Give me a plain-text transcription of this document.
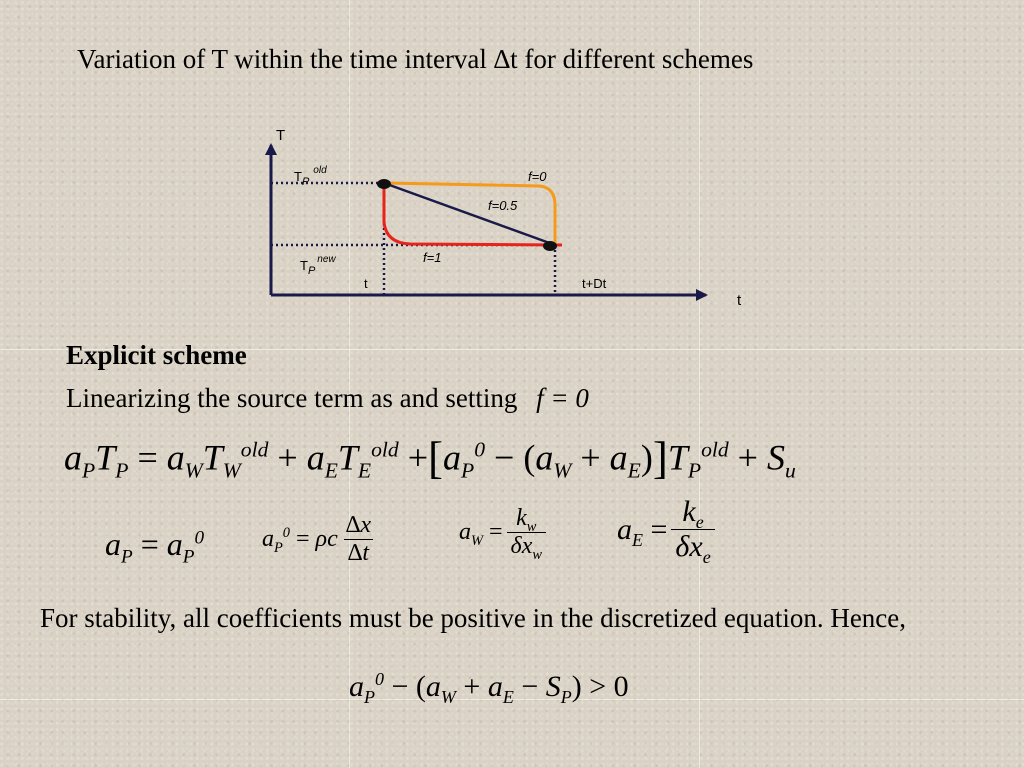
Variation of T within the time interval ∆t for different schemes
T
t
$T_P^{old}$
$T_P^{new}$
t	t+Dt
f=0
f=0.5
f=1
Explicit scheme
Linearizing the source term as and setting f = 0
$a_PT_P = a_WT_W^{old} + a_ET_E^{old} +[a_P^0 - (a_W + a_E)]T_P^{old} + S_u$
$a_P = a_P^0$ $a_P^0 = \rho c \frac{\Delta x}{\Delta t}$	$a_W = \frac{k_w}{\delta x_w} a_E = \frac{k_e}{\delta x_e}$
For stability, all coefficients must be positive in the discretized equation. Hence,
$a_P^0 - (a_W + a_E - S_P) > 0$
